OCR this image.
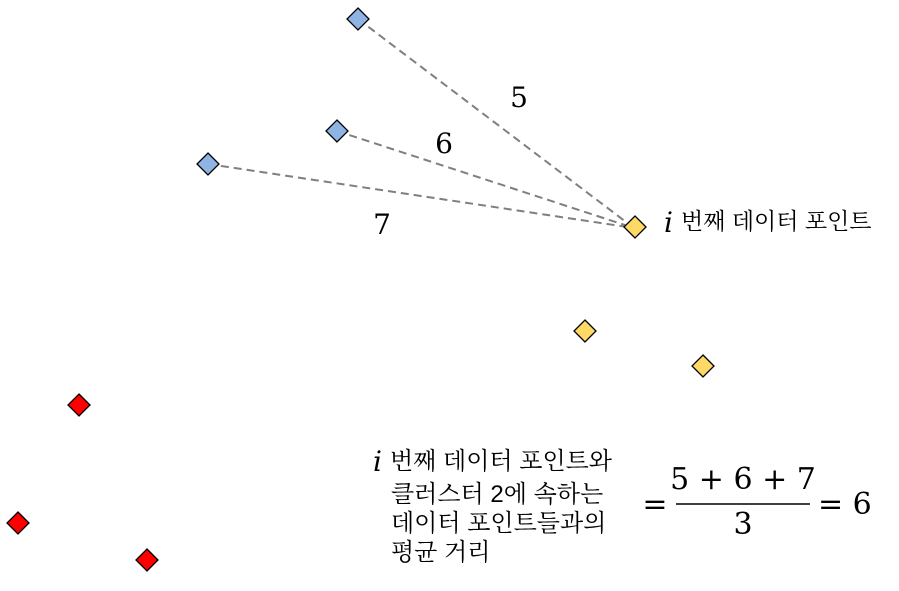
5
6
7	i 번째 데이터 포인트
i 번째 데이터 포인트와
클러스터 2에 속하는
데이터 포인트들과의
평균 거리
=
5 + 6 + 7
3
= 6
